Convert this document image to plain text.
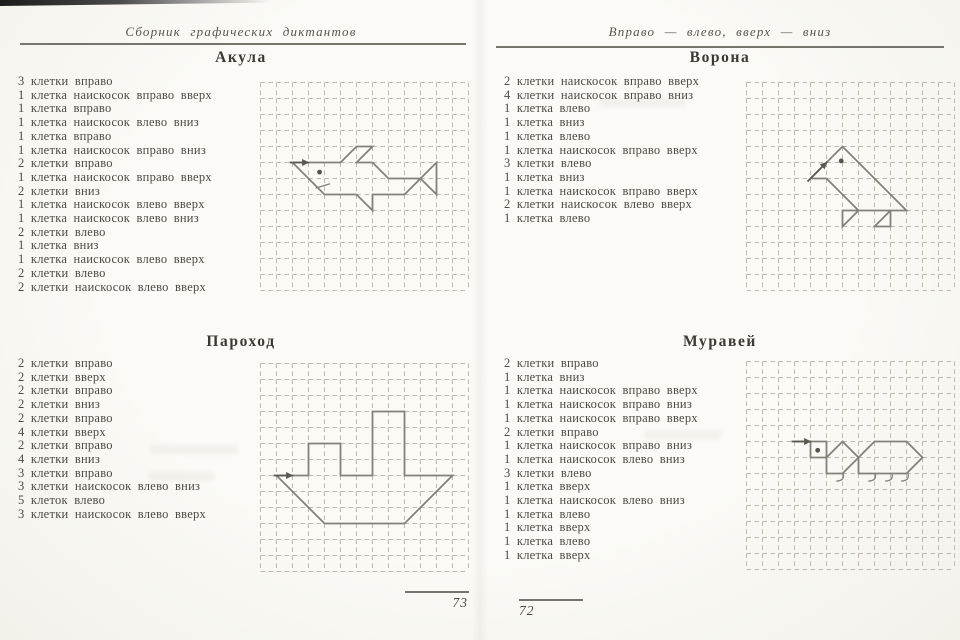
Сборник графических диктантов
Акула
3 клетки вправо
1 клетка наискосок вправо вверх
1 клетка вправо
1 клетка наискосок влево вниз
1 клетка вправо
1 клетка наискосок вправо вниз
2 клетки вправо
1 клетка наискосок вправо вверх
2 клетки вниз
1 клетка наискосок влево вверх
1 клетка наискосок влево вниз
2 клетки влево
1 клетка вниз
1 клетка наискосок влево вверх
2 клетки влево
2 клетки наискосок влево вверх
Пароход
2 клетки вправо
2 клетки вверх
2 клетки вправо
2 клетки вниз
2 клетки вправо
4 клетки вверх
2 клетки вправо
4 клетки вниз
3 клетки вправо
3 клетки наискосок влево вниз
5 клеток влево
3 клетки наискосок влево вверх
73
Вправо — влево, вверх — вниз
Ворона
2 клетки наискосок вправо вверх
4 клетки наискосок вправо вниз
1 клетка влево
1 клетка вниз
1 клетка влево
1 клетка наискосок вправо вверх
3 клетки влево
1 клетка вниз
1 клетка наискосок вправо вверх
2 клетки наискосок влево вверх
1 клетка влево
Муравей
2 клетки вправо
1 клетка вниз
1 клетка наискосок вправо вверх
1 клетка наискосок вправо вниз
1 клетка наискосок вправо вверх
2 клетки вправо
1 клетка наискосок вправо вниз
1 клетка наискосок влево вниз
3 клетки влево
1 клетка вверх
1 клетка наискосок влево вниз
1 клетка влево
1 клетка вверх
1 клетка влево
1 клетка вверх
72
